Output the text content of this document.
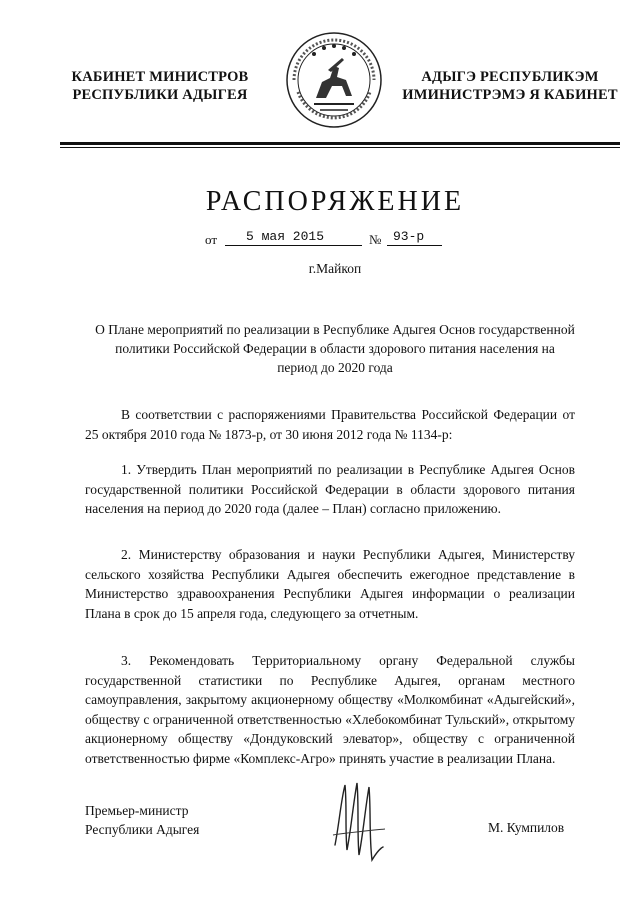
КАБИНЕТ МИНИСТРОВ
РЕСПУБЛИКИ АДЫГЕЯ
АДЫГЭ РЕСПУБЛИКЭМ
ИМИНИСТРЭМЭ Я КАБИНЕТ
РАСПОРЯЖЕНИЕ
от	5 мая 2015	№ 93-р
г.Майкоп
О Плане мероприятий по реализации в Республике Адыгея Основ государственной политики Российской Федерации в области здорового питания населения на период до 2020 года

В соответствии с распоряжениями Правительства Российской Федерации от 25 октября 2010 года № 1873-р, от 30 июня 2012 года № 1134-р:

1. Утвердить План мероприятий по реализации в Республике Адыгея Основ государственной политики Российской Федерации в области здорового питания населения на период до 2020 года (далее – План) согласно приложению.

2. Министерству образования и науки Республики Адыгея, Министерству сельского хозяйства Республики Адыгея обеспечить ежегодное представление в Министерство здравоохранения Республики Адыгея информации о реализации Плана в срок до 15 апреля года, следующего за отчетным.

3. Рекомендовать Территориальному органу Федеральной службы государственной статистики по Республике Адыгея, органам местного самоуправления, закрытому акционерному обществу «Молкомбинат «Адыгейский», обществу с ограниченной ответственностью «Хлебокомбинат Тульский», открытому акционерному обществу «Дондуковский элеватор», обществу с ограниченной ответственностью фирме «Комплекс-Агро» принять участие в реализации Плана.

Премьер-министр
Республики Адыгея	М. Кумпилов
